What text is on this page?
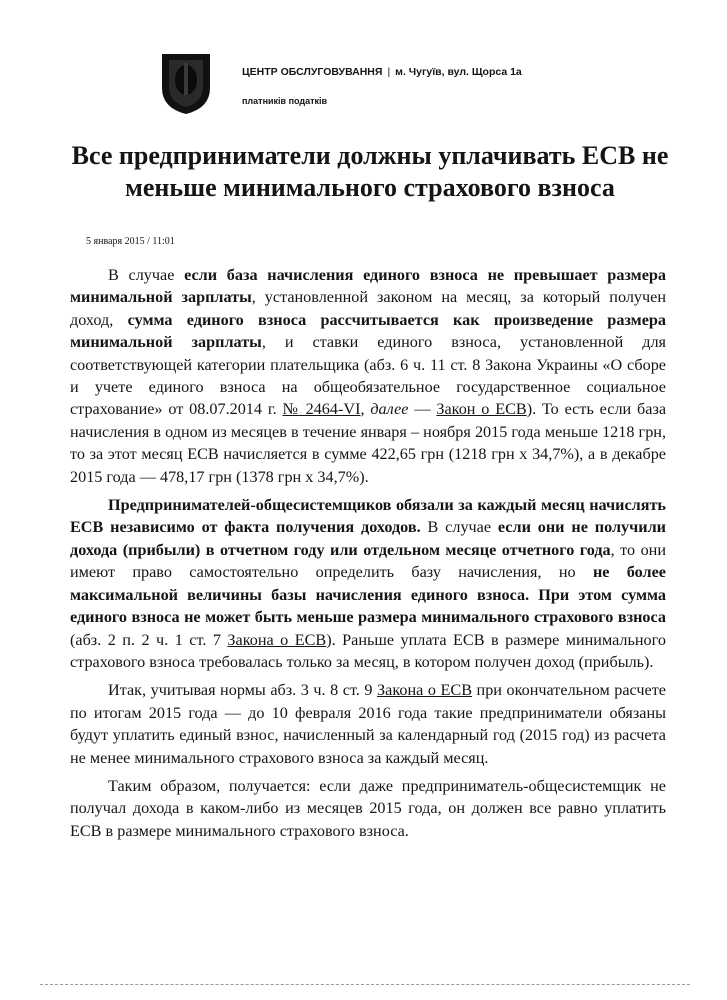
ЦЕНТР ОБСЛУГОВУВАННЯ | м. Чугуїв, вул. Щорса 1а
платників податків
Все предприниматели должны уплачивать ЕСВ не меньше минимального страхового взноса
5 января 2015 / 11:01

В случае если база начисления единого взноса не превышает размера минимальной зарплаты, установленной законом на месяц, за который получен доход, сумма единого взноса рассчитывается как произведение размера минимальной зарплаты, и ставки единого взноса, установленной для соответствующей категории плательщика (абз. 6 ч. 11 ст. 8 Закона Украины «О сборе и учете единого взноса на общеобязательное государственное социальное страхование» от 08.07.2014 г. № 2464-VI, далее — Закон о ЕСВ). То есть если база начисления в одном из месяцев в течение января – ноября 2015 года меньше 1218 грн, то за этот месяц ЕСВ начисляется в сумме 422,65 грн (1218 грн х 34,7%), а в декабре 2015 года — 478,17 грн (1378 грн х 34,7%).

Предпринимателей-общесистемщиков обязали за каждый месяц начислять ЕСВ независимо от факта получения доходов. В случае если они не получили дохода (прибыли) в отчетном году или отдельном месяце отчетного года, то они имеют право самостоятельно определить базу начисления, но не более максимальной величины базы начисления единого взноса. При этом сумма единого взноса не может быть меньше размера минимального страхового взноса (абз. 2 п. 2 ч. 1 ст. 7 Закона о ЕСВ). Раньше уплата ЕСВ в размере минимального страхового взноса требовалась только за месяц, в котором получен доход (прибыль).

Итак, учитывая нормы абз. 3 ч. 8 ст. 9 Закона о ЕСВ при окончательном расчете по итогам 2015 года — до 10 февраля 2016 года такие предприниматели обязаны будут уплатить единый взнос, начисленный за календарный год (2015 год) из расчета не менее минимального страхового взноса за каждый месяц.

Таким образом, получается: если даже предприниматель-общесистемщик не получал дохода в каком-либо из месяцев 2015 года, он должен все равно уплатить ЕСВ в размере минимального страхового взноса.
